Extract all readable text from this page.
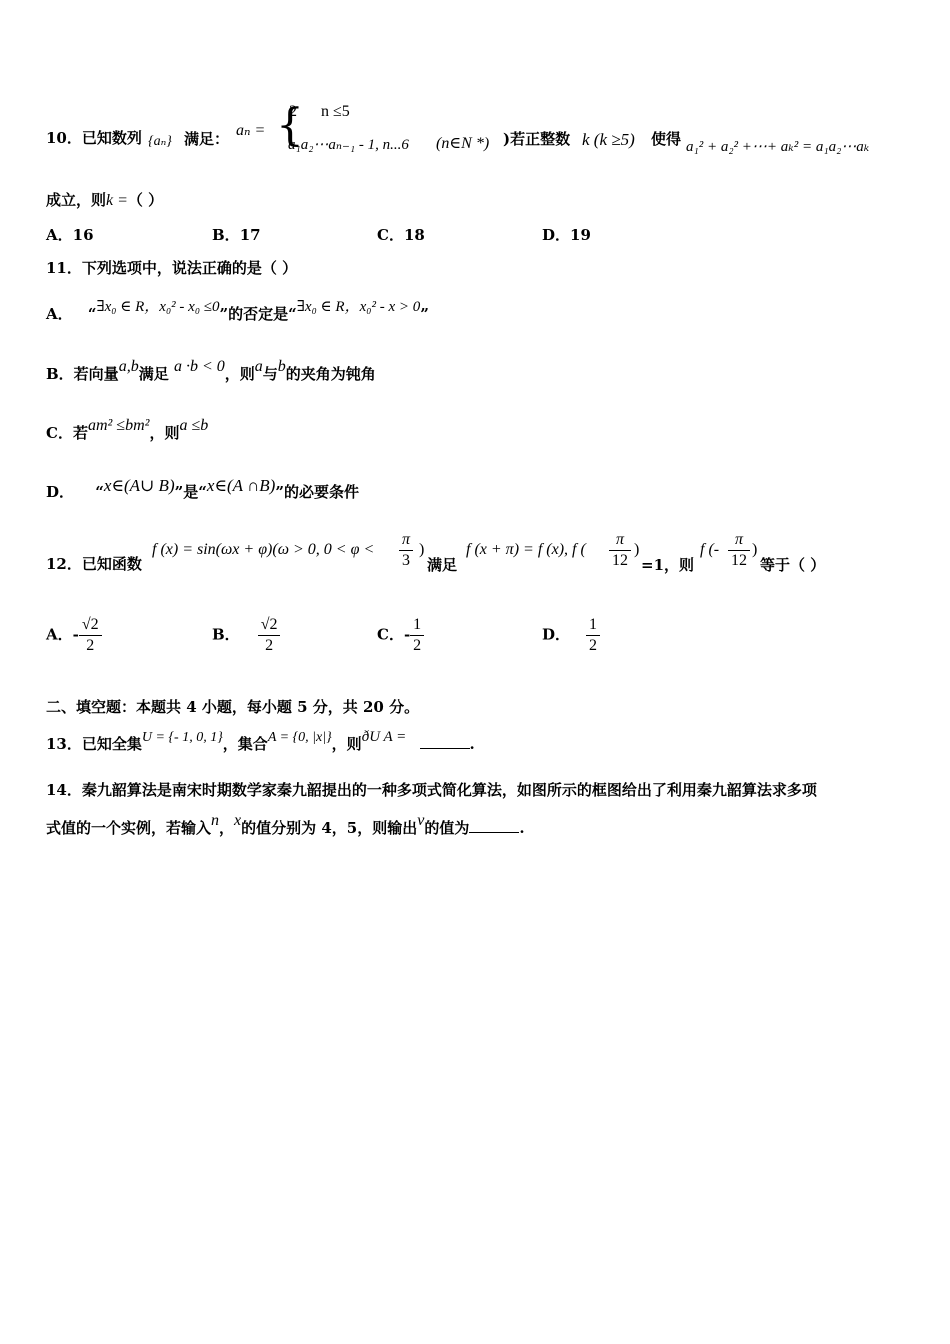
10．已知数列 {aₙ} 满足： aₙ = {
2      n ≤5
a₁a₂⋯aₙ₋₁ - 1, n...6 (n∈N *) )若正整数 k (k ≥5) 使得 a₁² + a₂² +⋯+ aₖ² = a₁a₂⋯aₖ
成立，则k =（ ）
A．16	B．17	C．18	D．19
11．下列选项中，说法正确的是（ ）
A． “∃x₀ ∈ R，x₀² - x₀ ≤0”的否定是“∃x₀ ∈ R，x₀² - x > 0”
B．若向量a,b满足 a ·b < 0，则a与b的夹角为钝角
C．若am² ≤bm²，则a ≤b
D． “x∈(A∪ B)”是“x∈(A ∩B)”的必要条件
12．已知函数
f (x) = sin(ωx + φ)(ω > 0, $0 < \varphi < \frac{\pi}{3}$ )
满足
f (x + π) = f (x), f ( $\frac{\pi}{12}$ )
=1，则
f (- $\frac{\pi}{12}$ )
等于（ ）
A．- $\frac{√2}{2}$	B． $\frac{√2}{2}$	C．- $\frac{1}{2}$	D． $\frac{1}{2}$
二、填空题：本题共 4 小题，每小题 5 分，共 20 分。
13．已知全集U = {- 1, 0, 1}，集合A = {0, |x|}，则ðU A =	.
14．秦九韶算法是南宋时期数学家秦九韶提出的一种多项式简化算法，如图所示的框图给出了利用秦九韶算法求多项
式值的一个实例，若输入n，x的值分别为 4，5，则输出v的值为	.
